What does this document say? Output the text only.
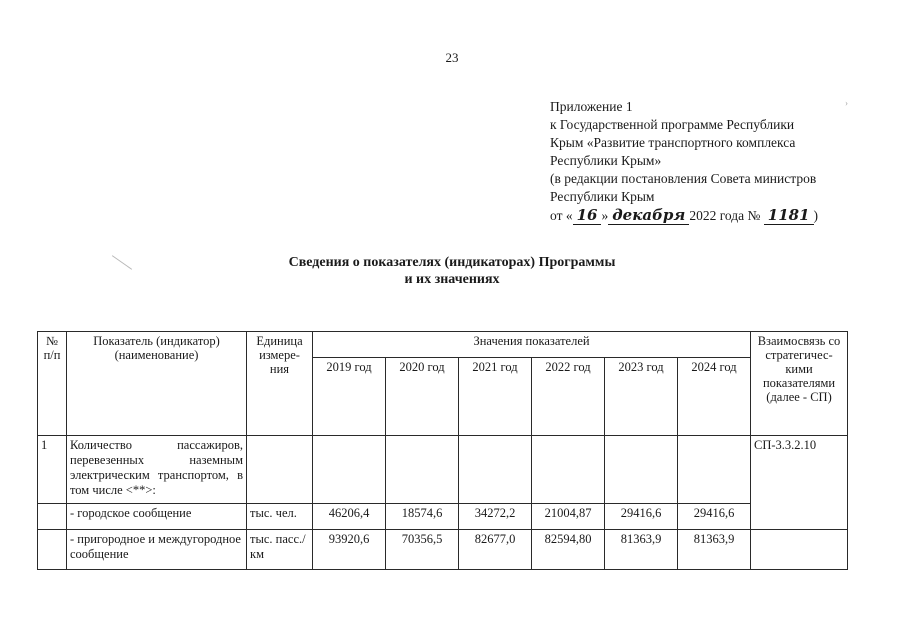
23
›
Приложение 1
к Государственной программе Республики
Крым «Развитие транспортного комплекса
Республики Крым»
(в редакции постановления Совета министров
Республики Крым
от « 16 » декабря 2022 года № 1181 )
Сведения о показателях (индикаторах) Программы
и их значениях
№ п/п	Показатель (индикатор) (наименование)	Единица измере-ния	Значения показателей						Взаимосвязь со стратегичес-кими показателями (далее - СП)
			2019 год	2020 год	2021 год	2022 год	2023 год	2024 год	
1	Количество пассажиров, перевезенных наземным электрическим транспортом, в том числе <**>:								СП-3.3.2.10
	- городское сообщение	тыс. чел.	46206,4	18574,6	34272,2	21004,87	29416,6	29416,6	
	- пригородное и междугородное сообщение	тыс. пасс./км	93920,6	70356,5	82677,0	82594,80	81363,9	81363,9	
